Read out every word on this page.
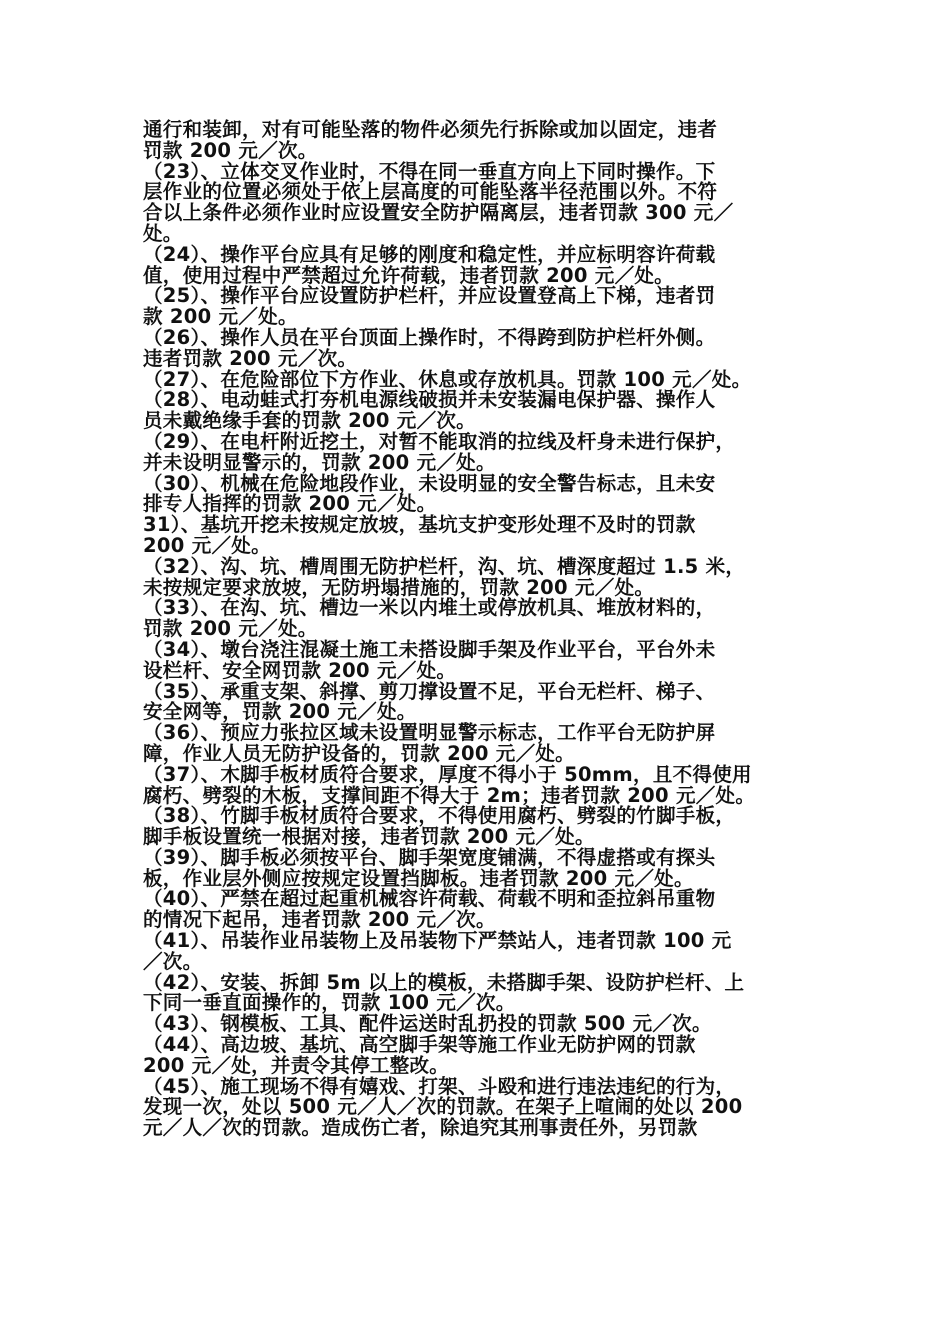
通行和装卸，对有可能坠落的物件必须先行拆除或加以固定，违者
罚款 200 元／次。
（23）、立体交叉作业时，不得在同一垂直方向上下同时操作。下
层作业的位置必须处于依上层高度的可能坠落半径范围以外。不符
合以上条件必须作业时应设置安全防护隔离层，违者罚款 300 元／
处。
（24）、操作平台应具有足够的刚度和稳定性，并应标明容许荷载
值，使用过程中严禁超过允许荷载，违者罚款 200 元／处。
（25）、操作平台应设置防护栏杆，并应设置登高上下梯，违者罚
款 200 元／处。
（26）、操作人员在平台顶面上操作时，不得跨到防护栏杆外侧。
违者罚款 200 元／次。
（27）、在危险部位下方作业、休息或存放机具。罚款 100 元／处。
（28）、电动蛙式打夯机电源线破损并未安装漏电保护器、操作人
员未戴绝缘手套的罚款 200 元／次。
（29）、在电杆附近挖土，对暂不能取消的拉线及杆身未进行保护，
并未设明显警示的，罚款 200 元／处。
（30）、机械在危险地段作业，未设明显的安全警告标志，且未安
排专人指挥的罚款 200 元／处。
31）、基坑开挖未按规定放坡，基坑支护变形处理不及时的罚款
200 元／处。
（32）、沟、坑、槽周围无防护栏杆，沟、坑、槽深度超过 1.5 米，
未按规定要求放坡，无防坍塌措施的，罚款 200 元／处。
（33）、在沟、坑、槽边一米以内堆土或停放机具、堆放材料的，
罚款 200 元／处。
（34）、墩台浇注混凝土施工未搭设脚手架及作业平台，平台外未
设栏杆、安全网罚款 200 元／处。
（35）、承重支架、斜撑、剪刀撑设置不足，平台无栏杆、梯子、
安全网等，罚款 200 元／处。
（36）、预应力张拉区域未设置明显警示标志，工作平台无防护屏
障，作业人员无防护设备的，罚款 200 元／处。
（37）、木脚手板材质符合要求，厚度不得小于 50mm，且不得使用
腐朽、劈裂的木板，支撑间距不得大于 2m；违者罚款 200 元／处。
（38）、竹脚手板材质符合要求，不得使用腐朽、劈裂的竹脚手板，
脚手板设置统一根据对接，违者罚款 200 元／处。
（39）、脚手板必须按平台、脚手架宽度铺满，不得虚搭或有探头
板，作业层外侧应按规定设置挡脚板。违者罚款 200 元／处。
（40）、严禁在超过起重机械容许荷载、荷载不明和歪拉斜吊重物
的情况下起吊，违者罚款 200 元／次。
（41）、吊装作业吊装物上及吊装物下严禁站人，违者罚款 100 元
／次。
（42）、安装、拆卸 5m 以上的模板，未搭脚手架、设防护栏杆、上
下同一垂直面操作的，罚款 100 元／次。
（43）、钢模板、工具、配件运送时乱扔投的罚款 500 元／次。
（44）、高边坡、基坑、高空脚手架等施工作业无防护网的罚款
200 元／处，并责令其停工整改。
（45）、施工现场不得有嬉戏、打架、斗殴和进行违法违纪的行为，
发现一次，处以 500 元／人／次的罚款。在架子上喧闹的处以 200
元／人／次的罚款。造成伤亡者，除追究其刑事责任外，另罚款
